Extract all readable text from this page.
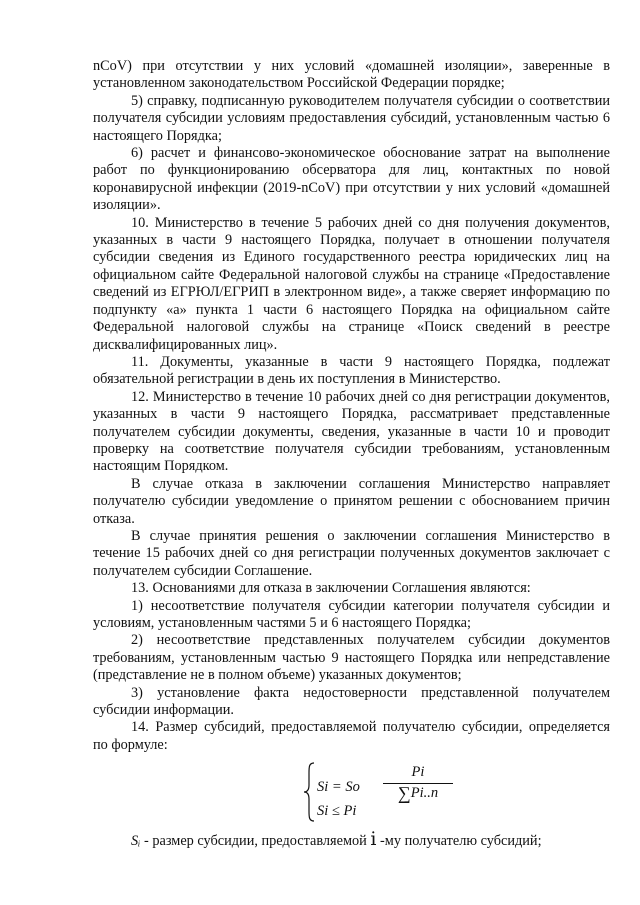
nCoV) при отсутствии у них условий «домашней изоляции», заверенные в установленном законодательством Российской Федерации порядке;

5) справку, подписанную руководителем получателя субсидии о соответствии получателя субсидии условиям предоставления субсидий, установленным частью 6 настоящего Порядка;

6) расчет и финансово-экономическое обоснование затрат на выполнение работ по функционированию обсерватора для лиц, контактных по новой коронавирусной инфекции (2019-nCoV) при отсутствии у них условий «домашней изоляции».

10. Министерство в течение 5 рабочих дней со дня получения документов, указанных в части 9 настоящего Порядка, получает в отношении получателя субсидии сведения из Единого государственного реестра юридических лиц на официальном сайте Федеральной налоговой службы на странице «Предоставление сведений из ЕГРЮЛ/ЕГРИП в электронном виде», а также сверяет информацию по подпункту «а» пункта 1 части 6 настоящего Порядка на официальном сайте Федеральной налоговой службы на странице «Поиск сведений в реестре дисквалифицированных лиц».

11. Документы, указанные в части 9 настоящего Порядка, подлежат обязательной регистрации в день их поступления в Министерство.

12. Министерство в течение 10 рабочих дней со дня регистрации документов, указанных в части 9 настоящего Порядка, рассматривает представленные получателем субсидии документы, сведения, указанные в части 10 и проводит проверку на соответствие получателя субсидии требованиям, установленным настоящим Порядком.

В случае отказа в заключении соглашения Министерство направляет получателю субсидии уведомление о принятом решении с обоснованием причин отказа.

В случае принятия решения о заключении соглашения Министерство в течение 15 рабочих дней со дня регистрации полученных документов заключает с получателем субсидии Соглашение.

13. Основаниями для отказа в заключении Соглашения являются:

1) несоответствие получателя субсидии категории получателя субсидии и условиям, установленным частями 5 и 6 настоящего Порядка;

2) несоответствие представленных получателем субсидии документов требованиям, установленным частью 9 настоящего Порядка или непредставление (представление не в полном объеме) указанных документов;

3) установление факта недостоверности представленной получателем субсидии информации.

14. Размер субсидий, предоставляемой получателю субсидии, определяется по формуле:

Si = So
Pi
∑Pi..п
Si ≤ Pi

Sᵢ - размер субсидии, предоставляемой i -му получателю субсидий;
